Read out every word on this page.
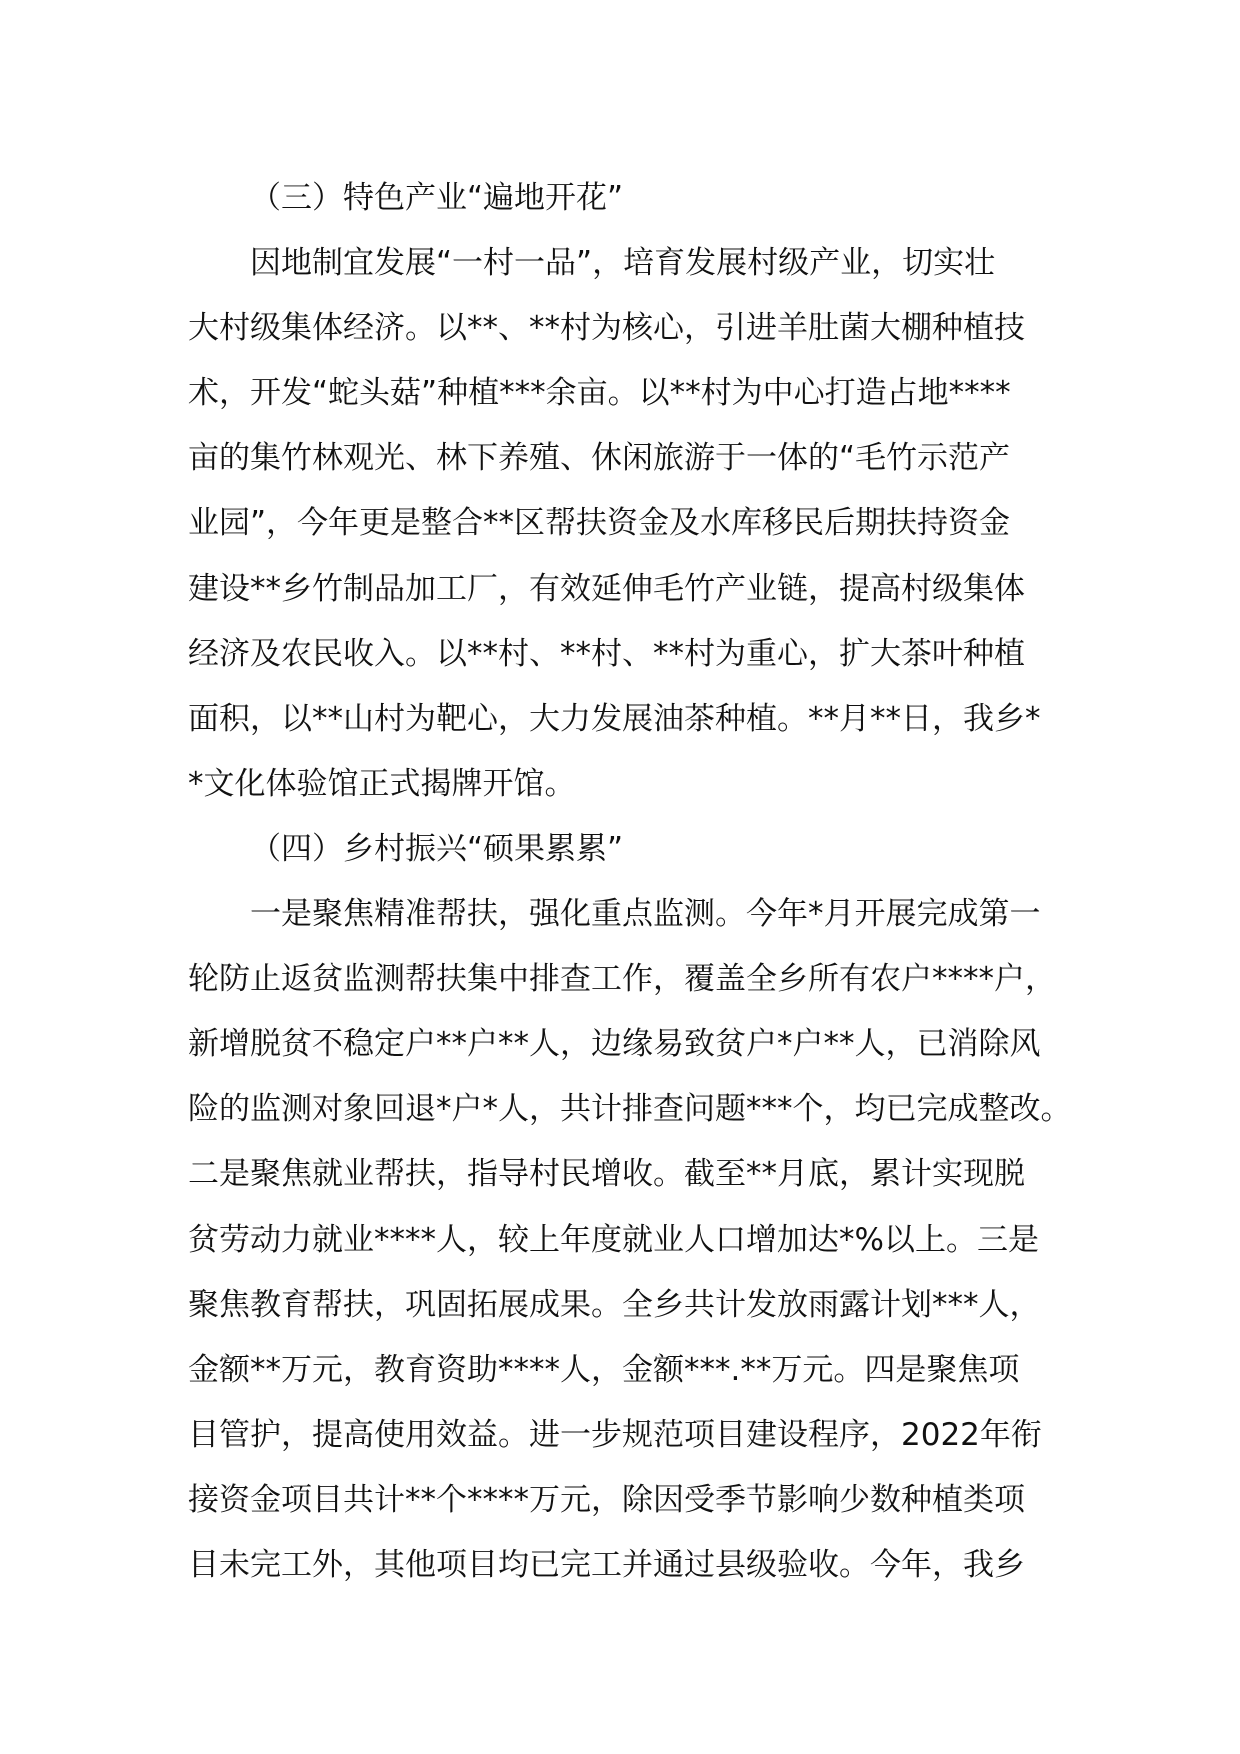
（三）特色产业“遍地开花”
因地制宜发展“一村一品”，培育发展村级产业，切实壮
大村级集体经济。以**、**村为核心，引进羊肚菌大棚种植技
术，开发“蛇头菇”种植***余亩。以**村为中心打造占地****
亩的集竹林观光、林下养殖、休闲旅游于一体的“毛竹示范产
业园”，今年更是整合**区帮扶资金及水库移民后期扶持资金
建设**乡竹制品加工厂，有效延伸毛竹产业链，提高村级集体
经济及农民收入。以**村、**村、**村为重心，扩大茶叶种植
面积，以**山村为靶心，大力发展油茶种植。**月**日，我乡*
*文化体验馆正式揭牌开馆。
（四）乡村振兴“硕果累累”
一是聚焦精准帮扶，强化重点监测。今年*月开展完成第一
轮防止返贫监测帮扶集中排查工作，覆盖全乡所有农户****户，
新增脱贫不稳定户**户**人，边缘易致贫户*户**人，已消除风
险的监测对象回退*户*人，共计排查问题***个，均已完成整改。
二是聚焦就业帮扶，指导村民增收。截至**月底，累计实现脱
贫劳动力就业****人，较上年度就业人口增加达*%以上。三是
聚焦教育帮扶，巩固拓展成果。全乡共计发放雨露计划***人，
金额**万元，教育资助****人，金额***.**万元。四是聚焦项
目管护，提高使用效益。进一步规范项目建设程序，2022年衔
接资金项目共计**个****万元，除因受季节影响少数种植类项
目未完工外，其他项目均已完工并通过县级验收。今年，我乡
